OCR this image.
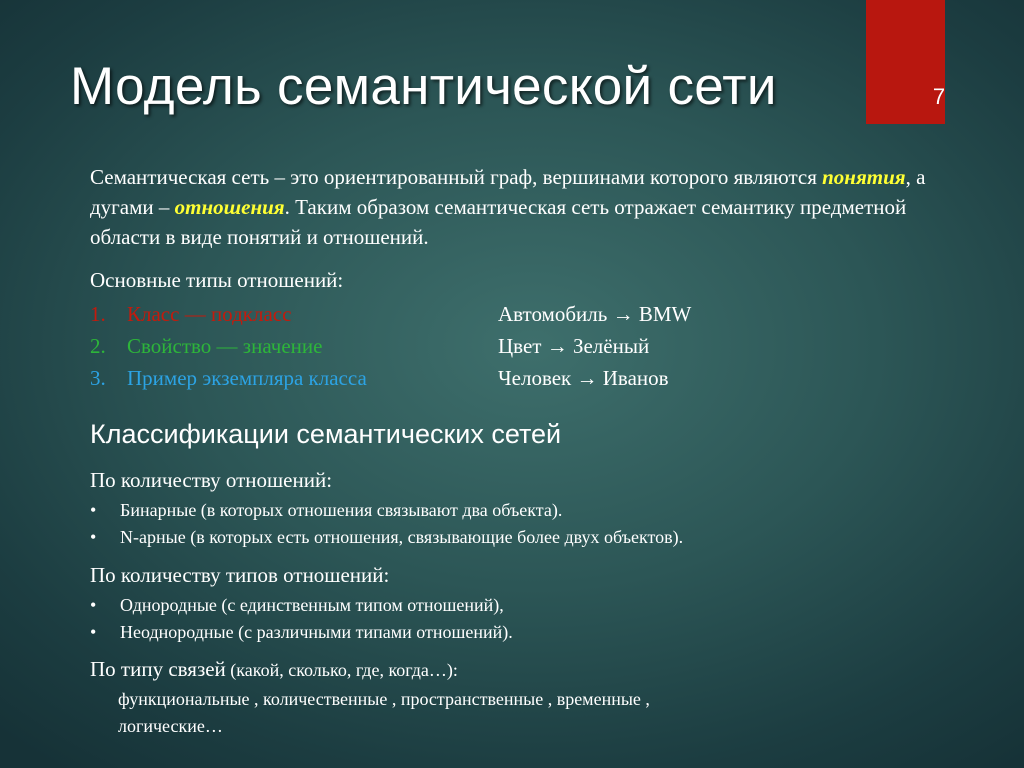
7
Модель семантической сети
Семантическая сеть – это ориентированный граф, вершинами которого являются понятия, а дугами – отношения. Таким образом семантическая сеть отражает семантику предметной области в виде понятий и отношений.
Основные типы отношений:
1. Класс — подкласс	Автомобиль → BMW
2. Свойство — значение	Цвет → Зелёный
3. Пример экземпляра класса	Человек → Иванов
Классификации семантических сетей
По количеству отношений:
• Бинарные (в которых отношения связывают два объекта).
• N-арные (в которых есть отношения, связывающие более двух объектов).
По количеству типов отношений:
• Однородные (с единственным типом отношений),
• Неоднородные (с различными типами отношений).
По типу связей (какой, сколько, где, когда…):
функциональные , количественные , пространственные , временные ,
логические…
